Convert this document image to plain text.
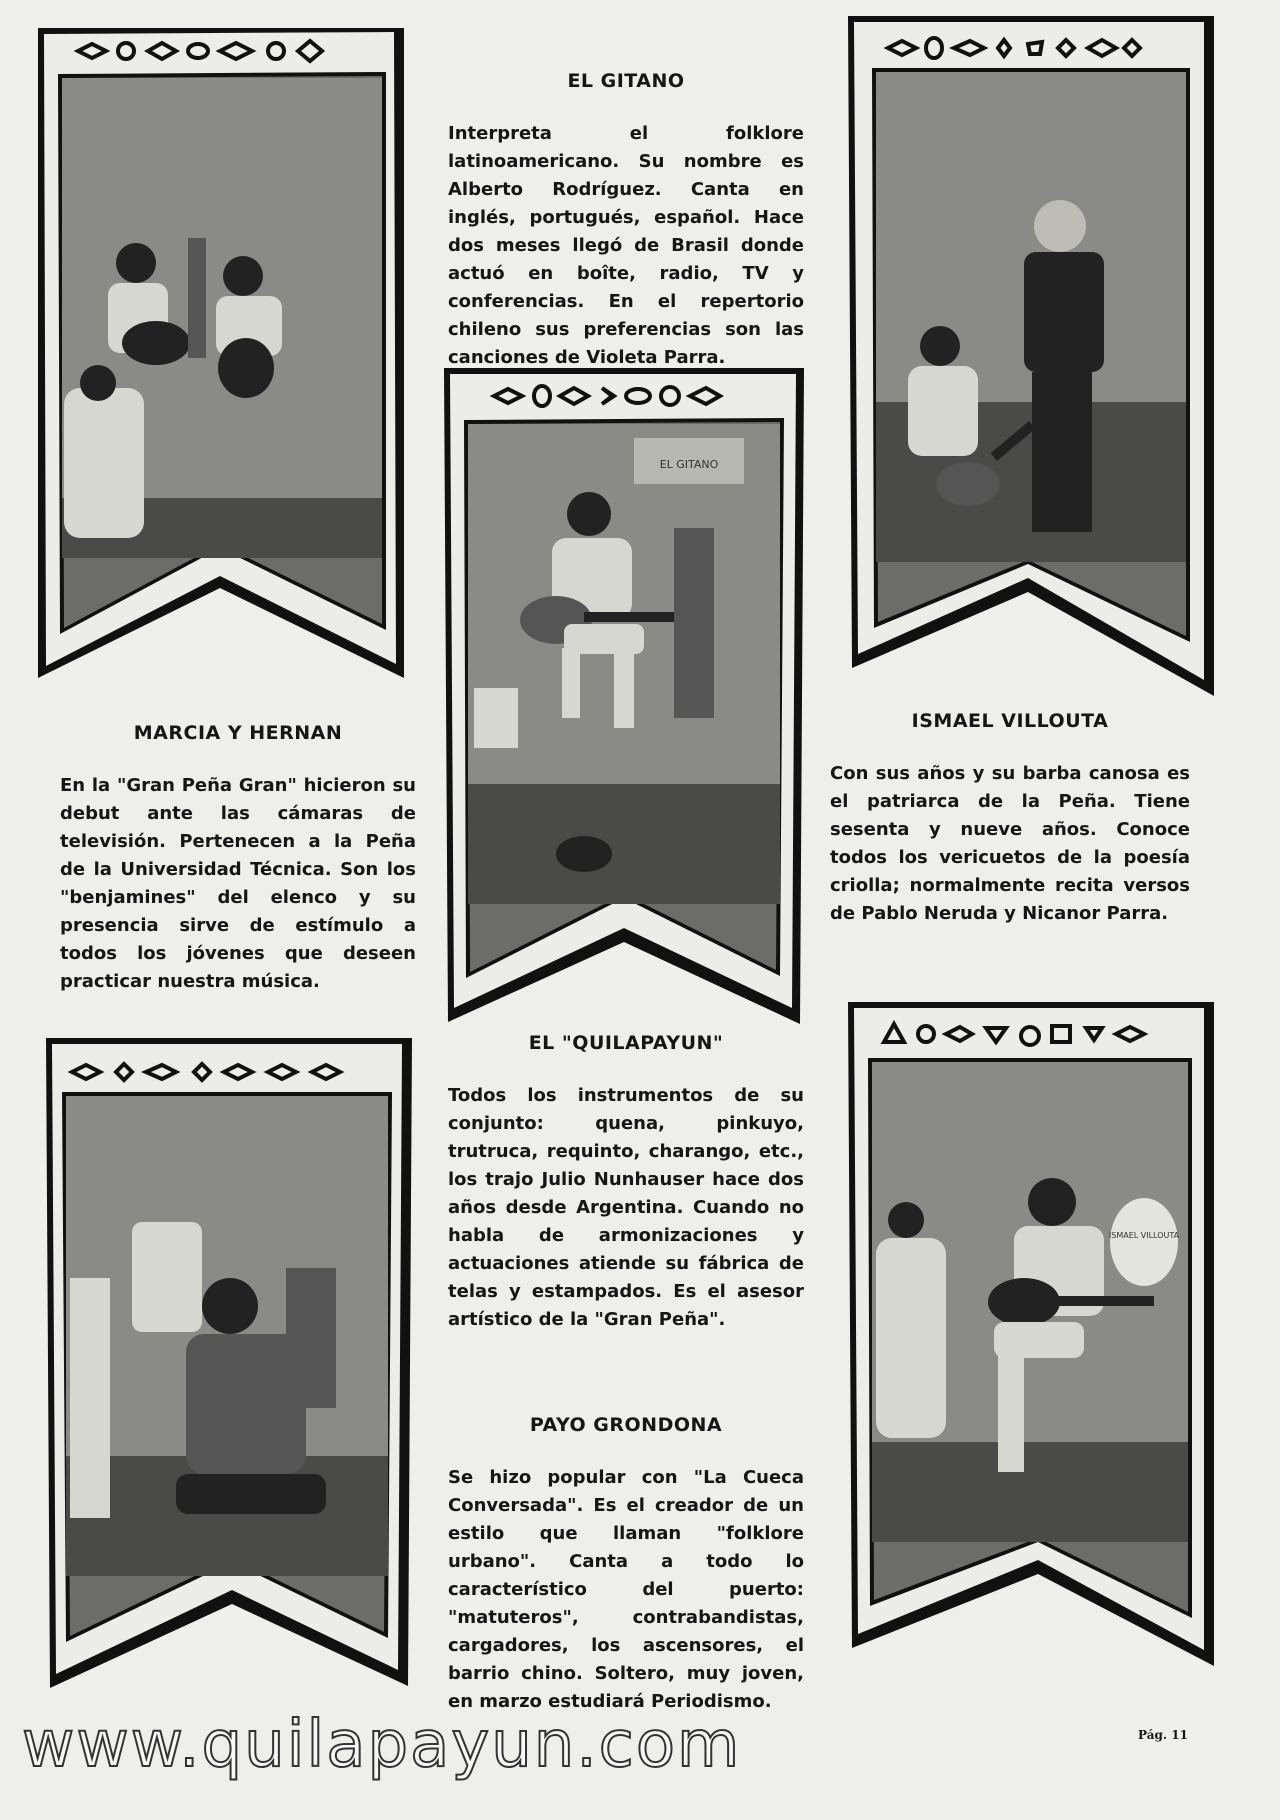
EL GITANO
ISMAEL VILLOUTA
EL GITANO

Interpreta el folklore latinoamericano. Su nombre es Alberto Rodríguez. Canta en inglés, portugués, español. Hace dos meses llegó de Brasil donde actuó en boîte, radio, TV y conferencias. En el repertorio chileno sus preferencias son las canciones de Violeta Parra.

MARCIA Y HERNAN

En la "Gran Peña Gran" hicieron su debut ante las cámaras de televisión. Pertenecen a la Peña de la Universidad Técnica. Son los "benjamines" del elenco y su presencia sirve de estímulo a todos los jóvenes que deseen practicar nuestra música.

ISMAEL VILLOUTA

Con sus años y su barba canosa es el patriarca de la Peña. Tiene sesenta y nueve años. Conoce todos los vericuetos de la poesía criolla; normalmente recita versos de Pablo Neruda y Nicanor Parra.

EL "QUILAPAYUN"

Todos los instrumentos de su conjunto: quena, pinkuyo, trutruca, requinto, charango, etc., los trajo Julio Nunhauser hace dos años desde Argentina. Cuando no habla de armonizaciones y actuaciones atiende su fábrica de telas y estampados. Es el asesor artístico de la "Gran Peña".

PAYO GRONDONA

Se hizo popular con "La Cueca Conversada". Es el creador de un estilo que llaman "folklore urbano". Canta a todo lo característico del puerto: "matuteros", contrabandistas, cargadores, los ascensores, el barrio chino. Soltero, muy joven, en marzo estudiará Periodismo.

Pág. 11
www.quilapayun.com
